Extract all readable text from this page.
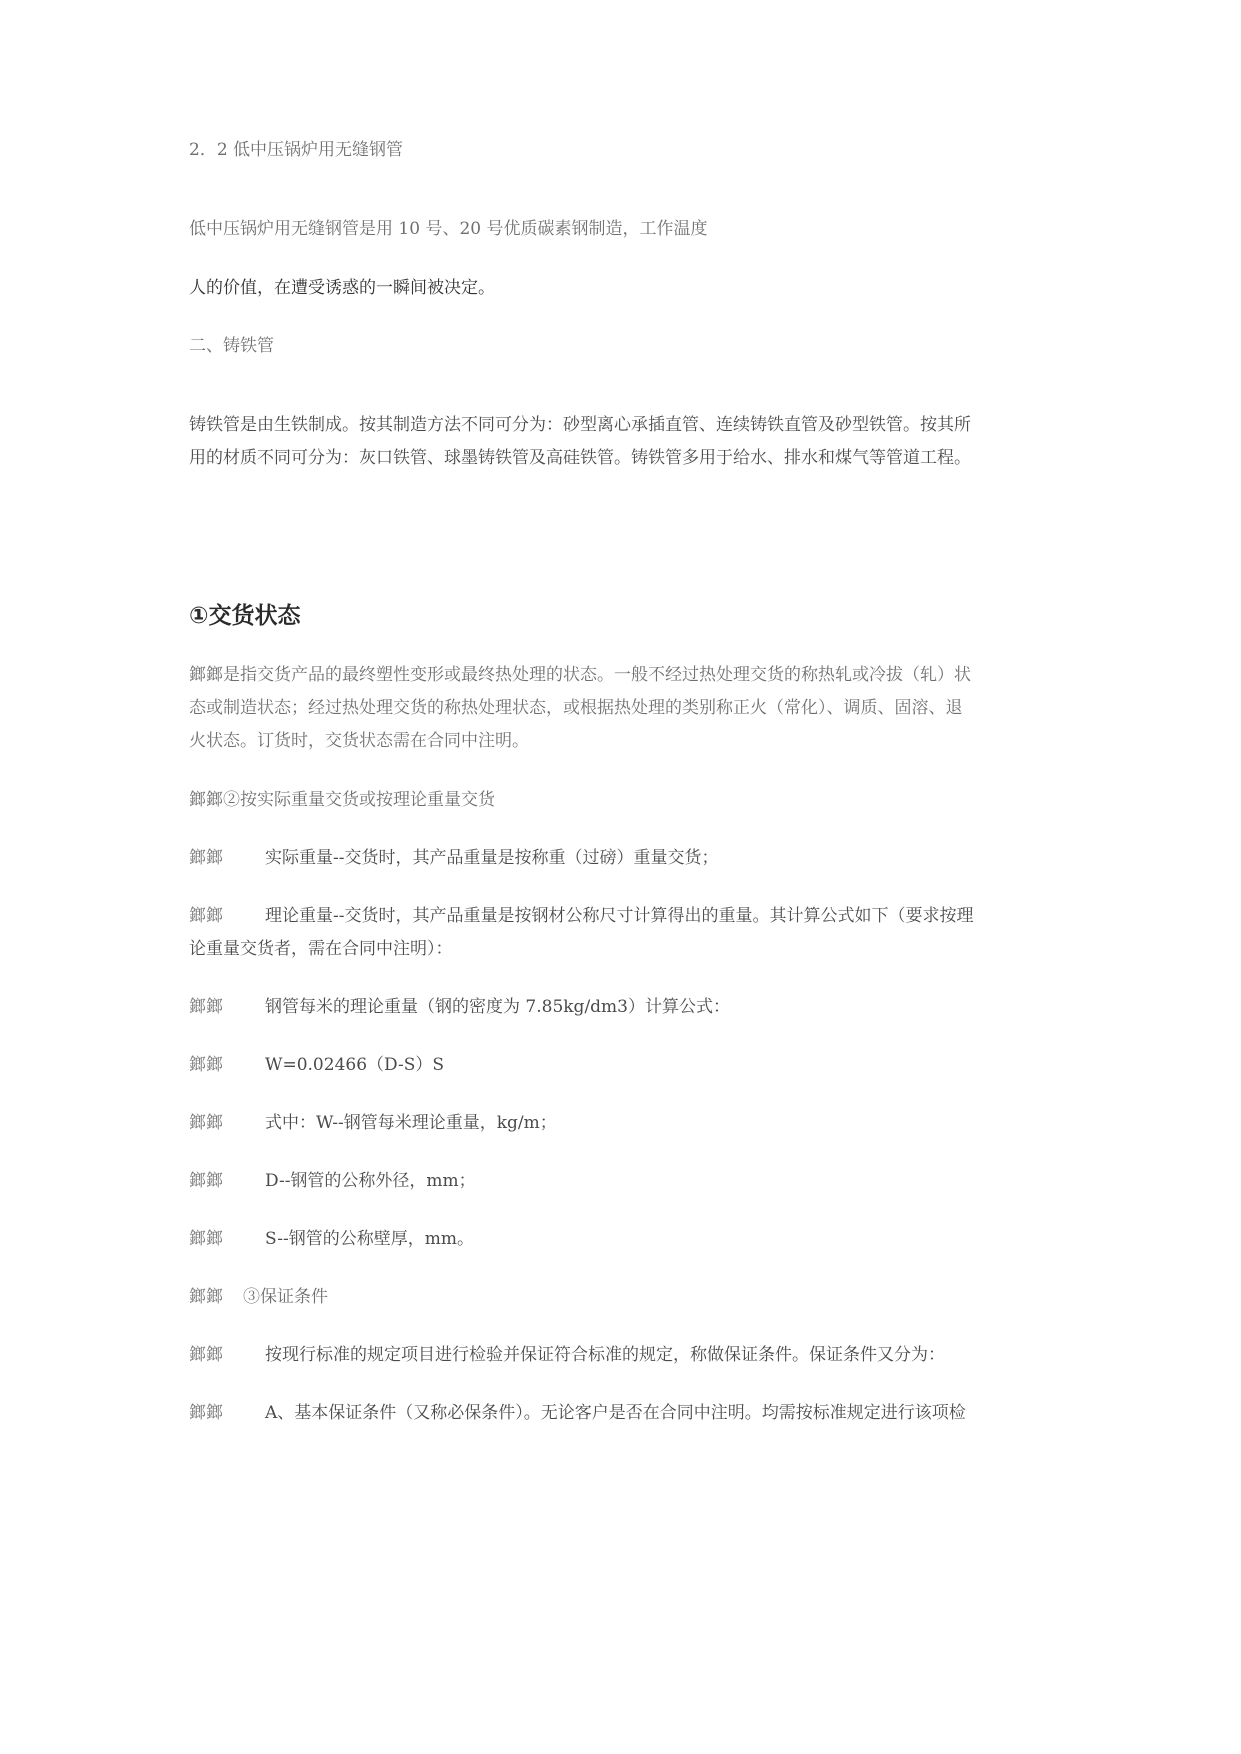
2．2 低中压锅炉用无缝钢管
低中压锅炉用无缝钢管是用 10 号、20 号优质碳素钢制造，工作温度
人的价值，在遭受诱惑的一瞬间被决定。
二、铸铁管
铸铁管是由生铁制成。按其制造方法不同可分为：砂型离心承插直管、连续铸铁直管及砂型铁管。按其所
用的材质不同可分为：灰口铁管、球墨铸铁管及高硅铁管。铸铁管多用于给水、排水和煤气等管道工程。
①交货状态
鎯鎯是指交货产品的最终塑性变形或最终热处理的状态。一般不经过热处理交货的称热轧或冷拔（轧）状
态或制造状态；经过热处理交货的称热处理状态，或根据热处理的类别称正火（常化）、调质、固溶、退
火状态。订货时，交货状态需在合同中注明。
鎯鎯②按实际重量交货或按理论重量交货
鎯鎯 实际重量--交货时，其产品重量是按称重（过磅）重量交货；
鎯鎯 理论重量--交货时，其产品重量是按钢材公称尺寸计算得出的重量。其计算公式如下（要求按理
论重量交货者，需在合同中注明）：
鎯鎯 钢管每米的理论重量（钢的密度为 7.85kg/dm3）计算公式：
鎯鎯 W=0.02466（D-S）S
鎯鎯 式中：W--钢管每米理论重量，kg/m；
鎯鎯 D--钢管的公称外径，mm；
鎯鎯 S--钢管的公称壁厚，mm。
鎯鎯 ③保证条件
鎯鎯 按现行标准的规定项目进行检验并保证符合标准的规定，称做保证条件。保证条件又分为：
鎯鎯 A、基本保证条件（又称必保条件）。无论客户是否在合同中注明。均需按标准规定进行该项检
